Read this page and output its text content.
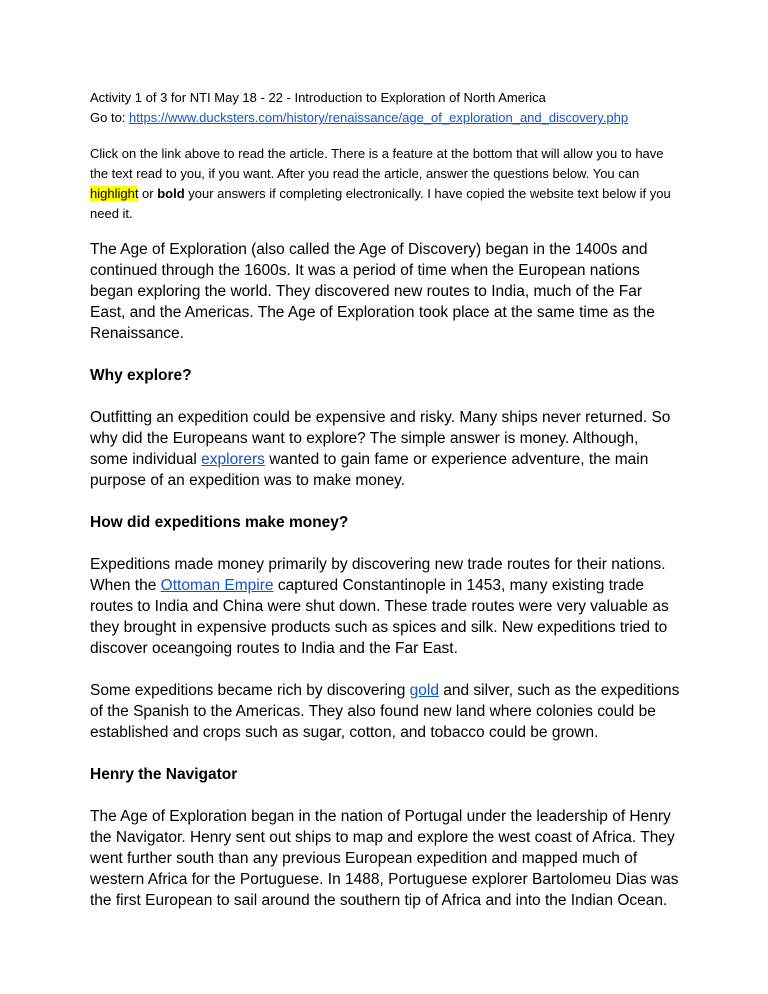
Activity 1 of 3 for NTI May 18 - 22 - Introduction to Exploration of North America
Go to: https://www.ducksters.com/history/renaissance/age_of_exploration_and_discovery.php

Click on the link above to read the article. There is a feature at the bottom that will allow you to have the text read to you, if you want. After you read the article, answer the questions below. You can highlight or bold your answers if completing electronically. I have copied the website text below if you need it.

The Age of Exploration (also called the Age of Discovery) began in the 1400s and continued through the 1600s. It was a period of time when the European nations began exploring the world. They discovered new routes to India, much of the Far East, and the Americas. The Age of Exploration took place at the same time as the Renaissance.

Why explore?

Outfitting an expedition could be expensive and risky. Many ships never returned. So why did the Europeans want to explore? The simple answer is money. Although, some individual explorers wanted to gain fame or experience adventure, the main purpose of an expedition was to make money.

How did expeditions make money?

Expeditions made money primarily by discovering new trade routes for their nations. When the Ottoman Empire captured Constantinople in 1453, many existing trade routes to India and China were shut down. These trade routes were very valuable as they brought in expensive products such as spices and silk. New expeditions tried to discover oceangoing routes to India and the Far East.

Some expeditions became rich by discovering gold and silver, such as the expeditions of the Spanish to the Americas. They also found new land where colonies could be established and crops such as sugar, cotton, and tobacco could be grown.

Henry the Navigator

The Age of Exploration began in the nation of Portugal under the leadership of Henry the Navigator. Henry sent out ships to map and explore the west coast of Africa. They went further south than any previous European expedition and mapped much of western Africa for the Portuguese. In 1488, Portuguese explorer Bartolomeu Dias was the first European to sail around the southern tip of Africa and into the Indian Ocean.
